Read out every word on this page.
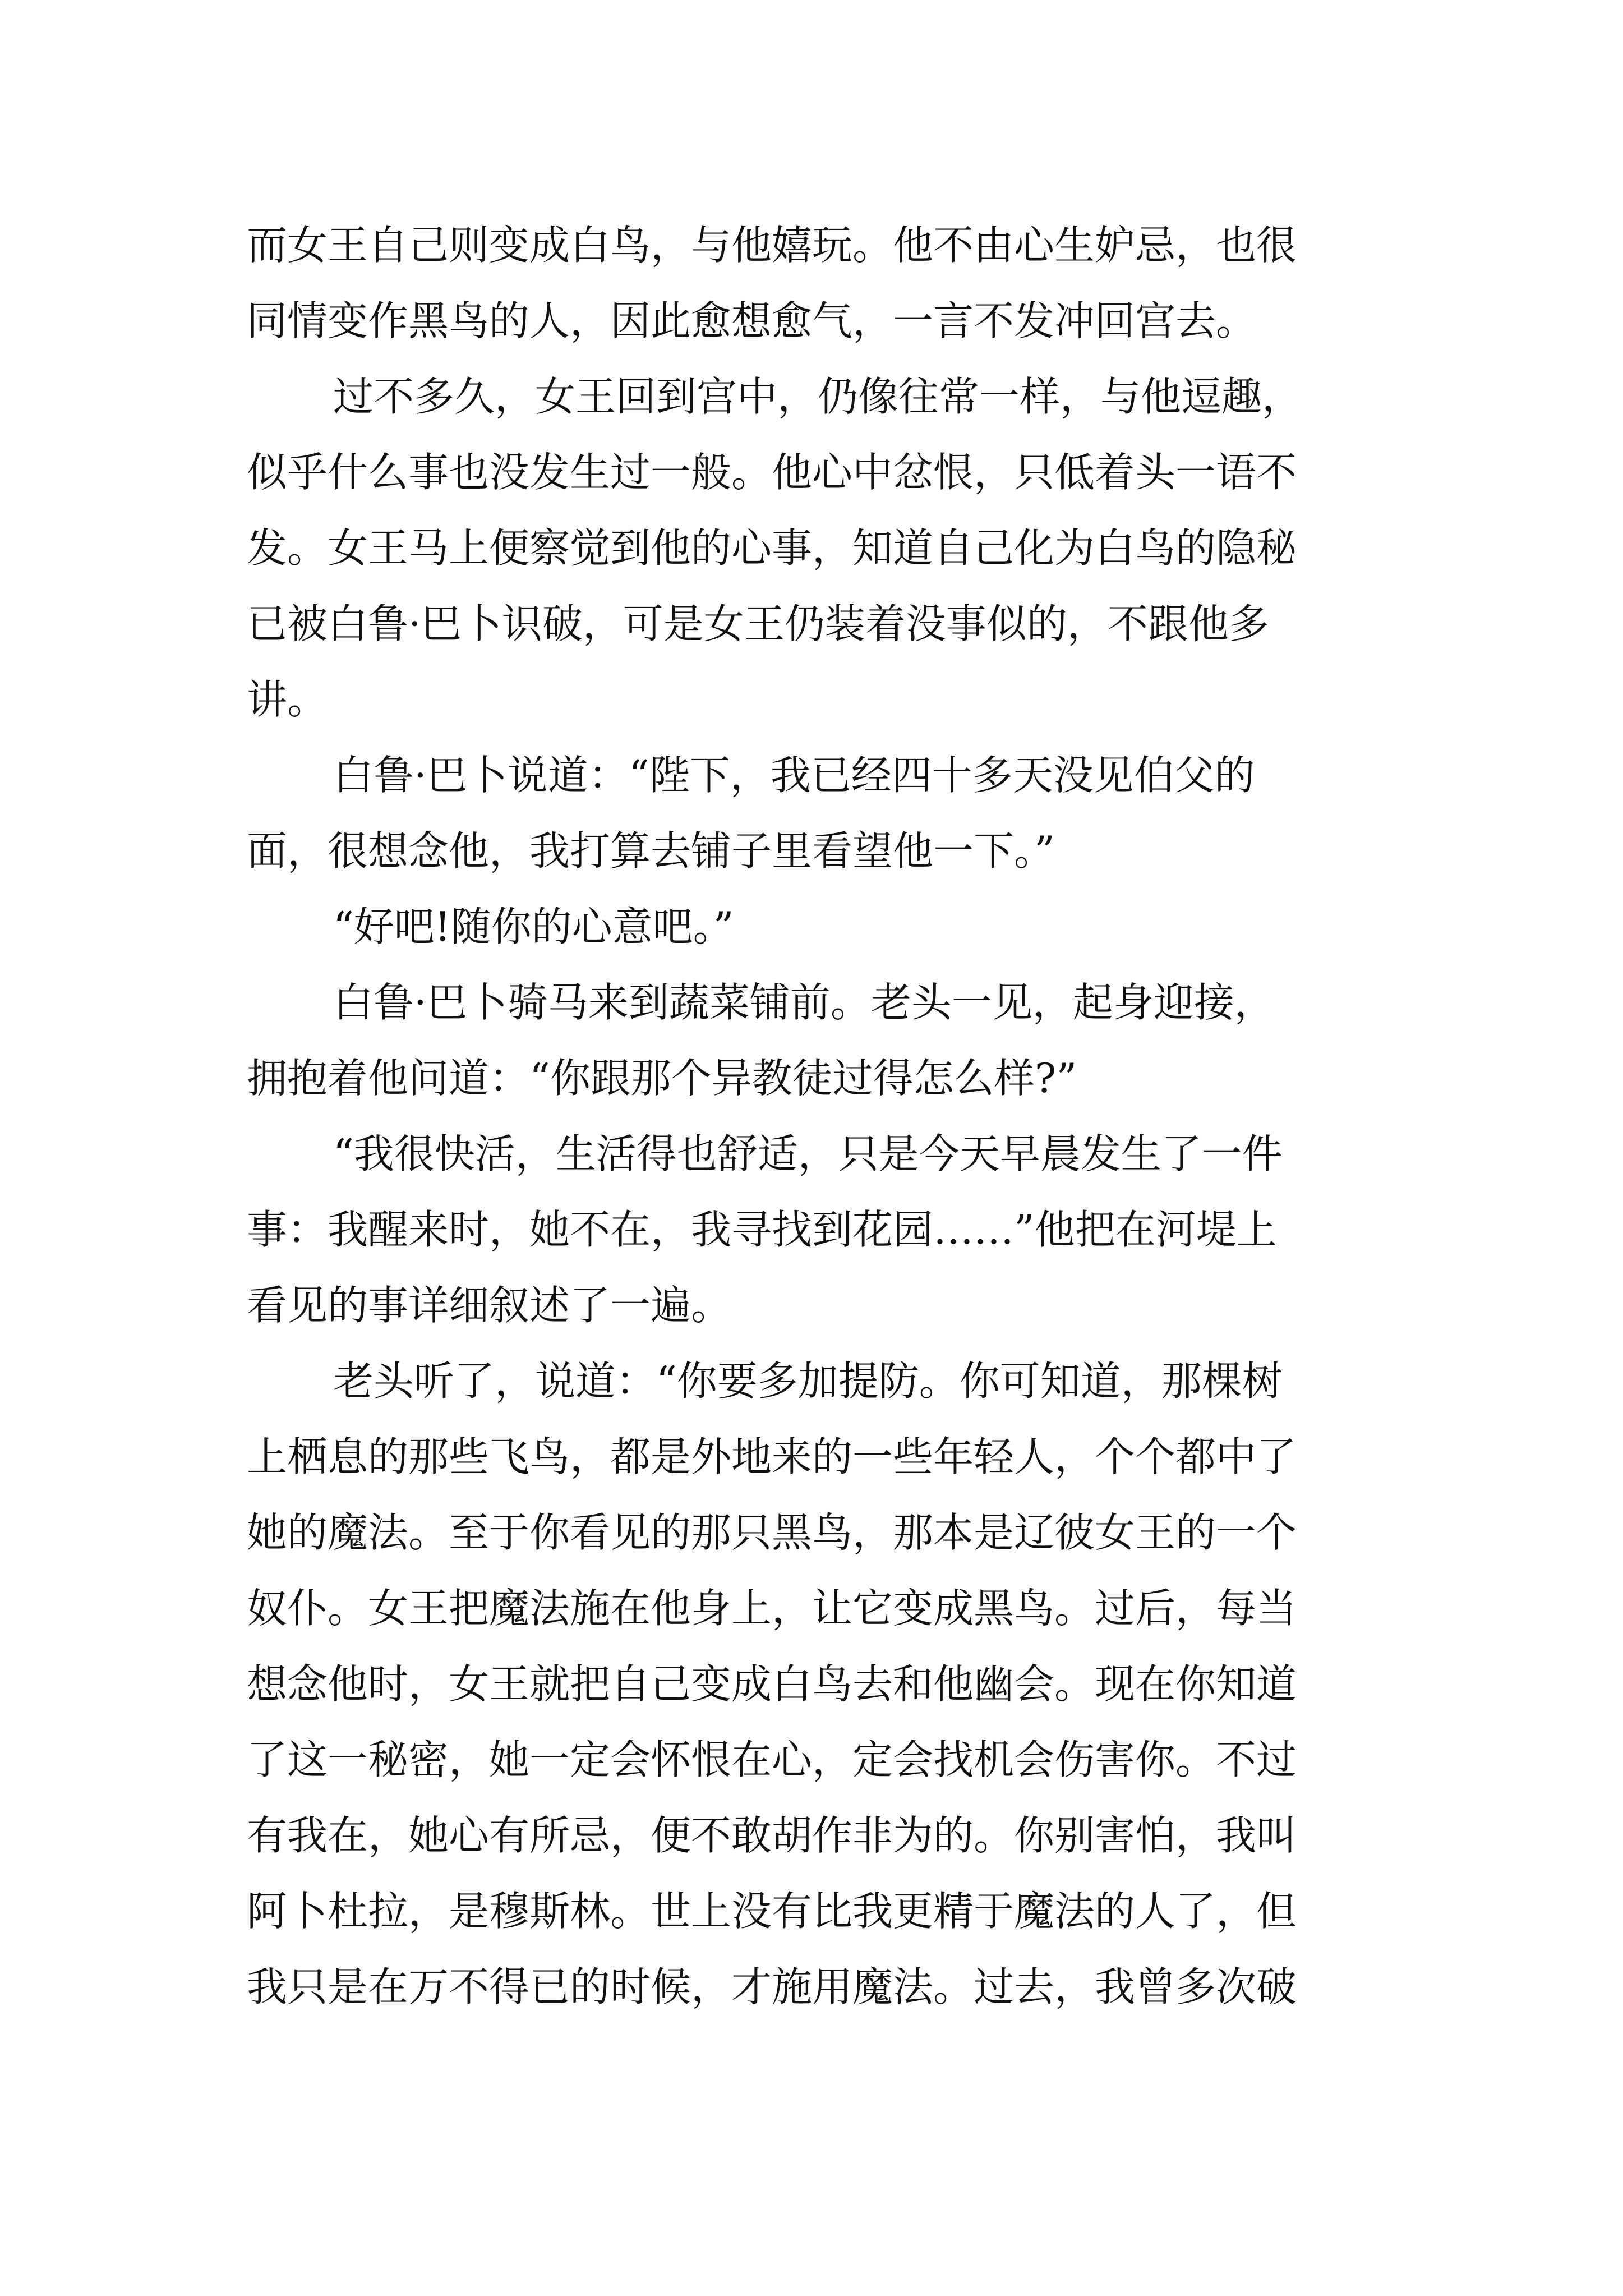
而女王自己则变成白鸟，与他嬉玩。他不由心生妒忌，也很
同情变作黑鸟的人，因此愈想愈气，一言不发冲回宫去。
过不多久，女王回到宫中，仍像往常一样，与他逗趣，
似乎什么事也没发生过一般。他心中忿恨，只低着头一语不
发。女王马上便察觉到他的心事，知道自己化为白鸟的隐秘
已被白鲁·巴卜识破，可是女王仍装着没事似的，不跟他多
讲。
白鲁·巴卜说道：“陛下，我已经四十多天没见伯父的
面，很想念他，我打算去铺子里看望他一下。”
“好吧!随你的心意吧。”
白鲁·巴卜骑马来到蔬菜铺前。老头一见，起身迎接，
拥抱着他问道：“你跟那个异教徒过得怎么样?”
“我很快活，生活得也舒适，只是今天早晨发生了一件
事：我醒来时，她不在，我寻找到花园……”他把在河堤上
看见的事详细叙述了一遍。
老头听了，说道：“你要多加提防。你可知道，那棵树
上栖息的那些飞鸟，都是外地来的一些年轻人，个个都中了
她的魔法。至于你看见的那只黑鸟，那本是辽彼女王的一个
奴仆。女王把魔法施在他身上，让它变成黑鸟。过后，每当
想念他时，女王就把自己变成白鸟去和他幽会。现在你知道
了这一秘密，她一定会怀恨在心，定会找机会伤害你。不过
有我在，她心有所忌，便不敢胡作非为的。你别害怕，我叫
阿卜杜拉，是穆斯林。世上没有比我更精于魔法的人了，但
我只是在万不得已的时候，才施用魔法。过去，我曾多次破
